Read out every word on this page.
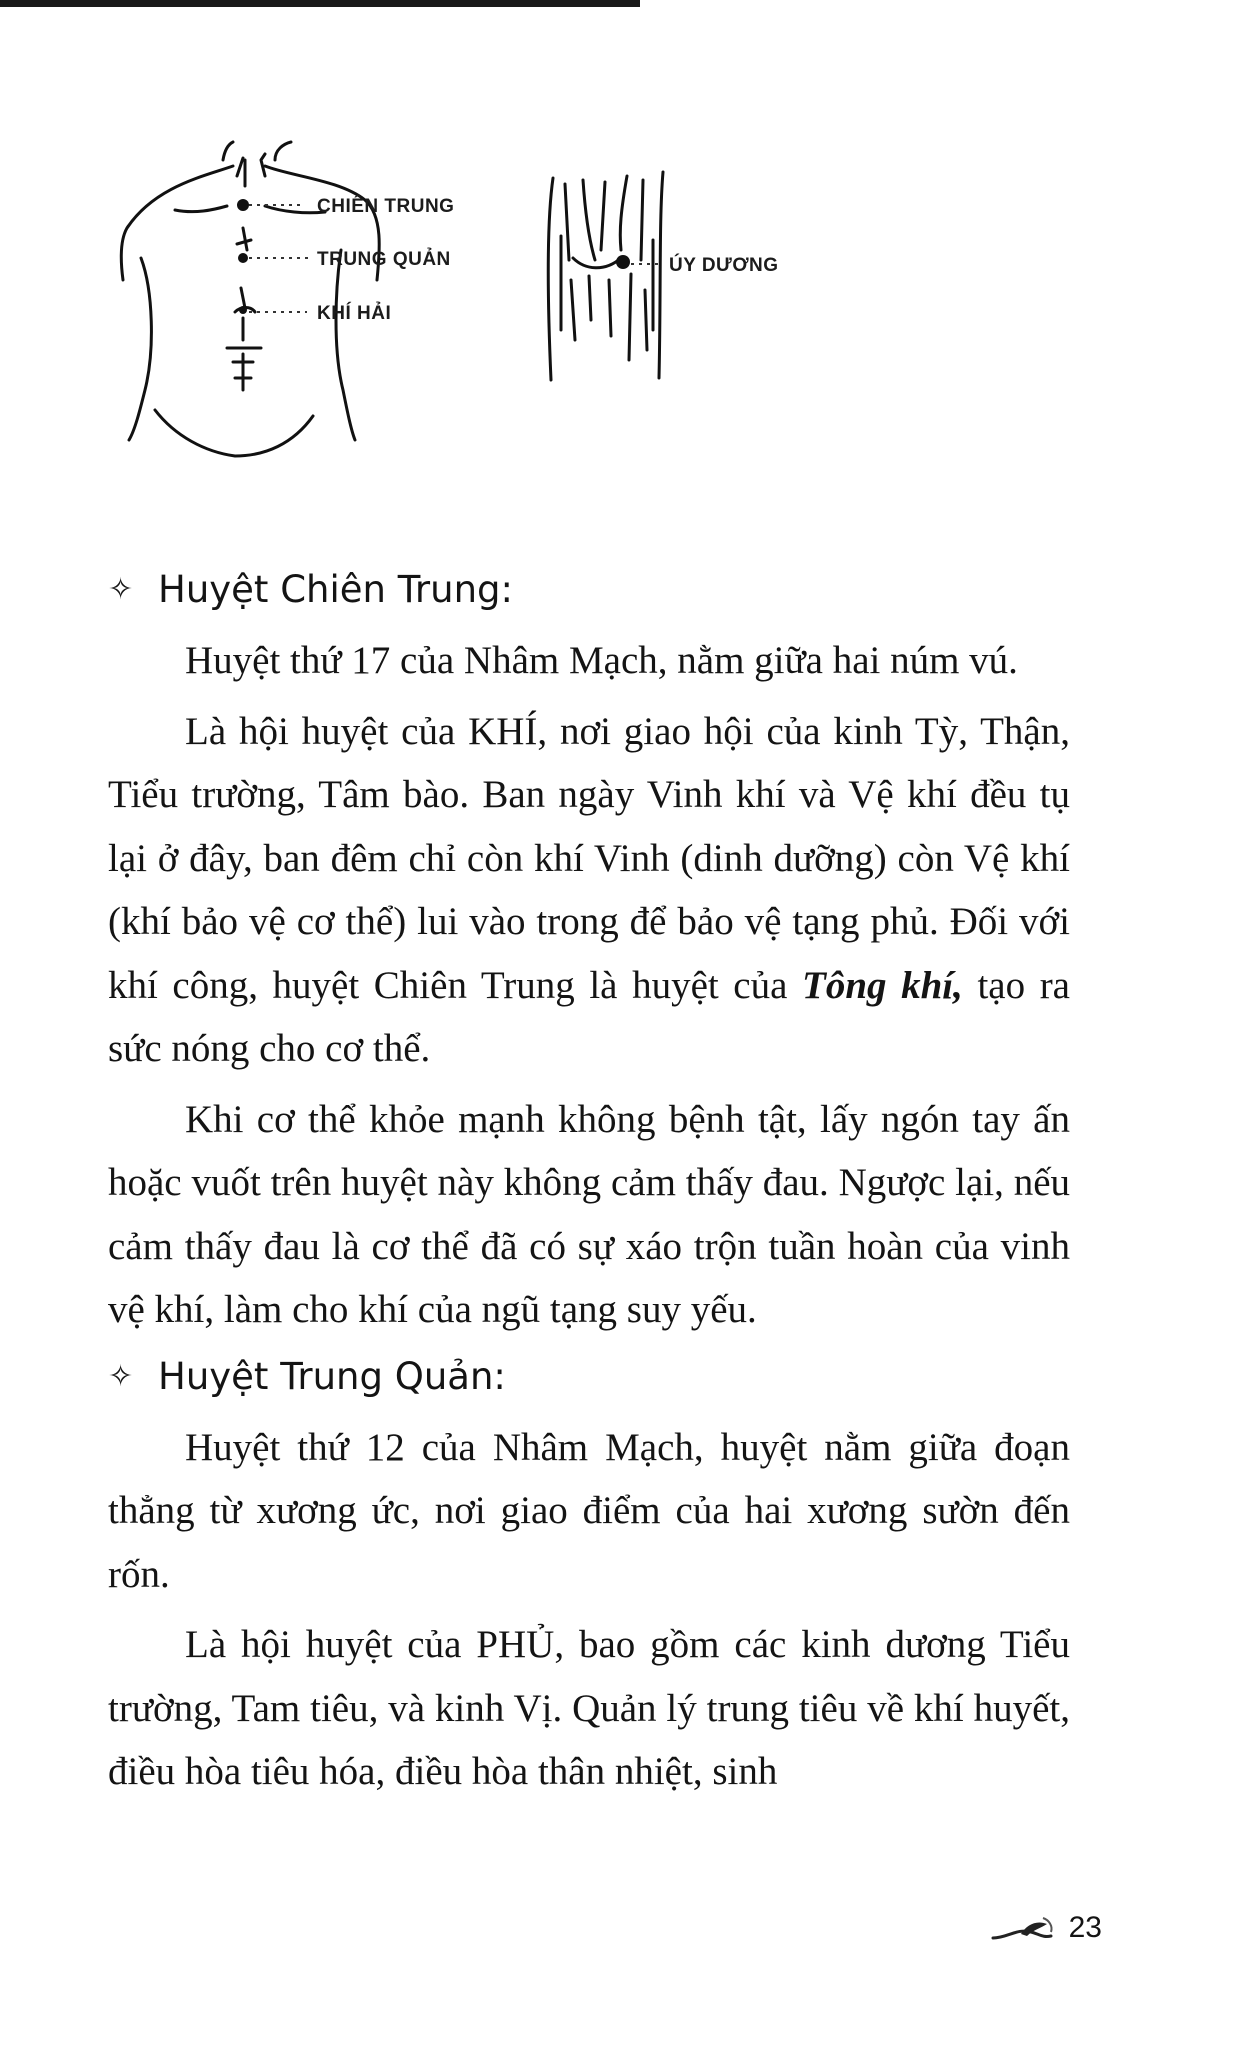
CHIÊN TRUNG
TRUNG QUẢN
KHÍ HẢI
ÚY DƯƠNG
✧ Huyệt Chiên Trung:

Huyệt thứ 17 của Nhâm Mạch, nằm giữa hai núm vú.

Là hội huyệt của KHÍ, nơi giao hội của kinh Tỳ, Thận, Tiểu trường, Tâm bào. Ban ngày Vinh khí và Vệ khí đều tụ lại ở đây, ban đêm chỉ còn khí Vinh (dinh dưỡng) còn Vệ khí (khí bảo vệ cơ thể) lui vào trong để bảo vệ tạng phủ. Đối với khí công, huyệt Chiên Trung là huyệt của Tông khí, tạo ra sức nóng cho cơ thể.

Khi cơ thể khỏe mạnh không bệnh tật, lấy ngón tay ấn hoặc vuốt trên huyệt này không cảm thấy đau. Ngược lại, nếu cảm thấy đau là cơ thể đã có sự xáo trộn tuần hoàn của vinh vệ khí, làm cho khí của ngũ tạng suy yếu.

✧ Huyệt Trung Quản:

Huyệt thứ 12 của Nhâm Mạch, huyệt nằm giữa đoạn thẳng từ xương ức, nơi giao điểm của hai xương sườn đến rốn.

Là hội huyệt của PHỦ, bao gồm các kinh dương Tiểu trường, Tam tiêu, và kinh Vị. Quản lý trung tiêu về khí huyết, điều hòa tiêu hóa, điều hòa thân nhiệt, sinh

23
